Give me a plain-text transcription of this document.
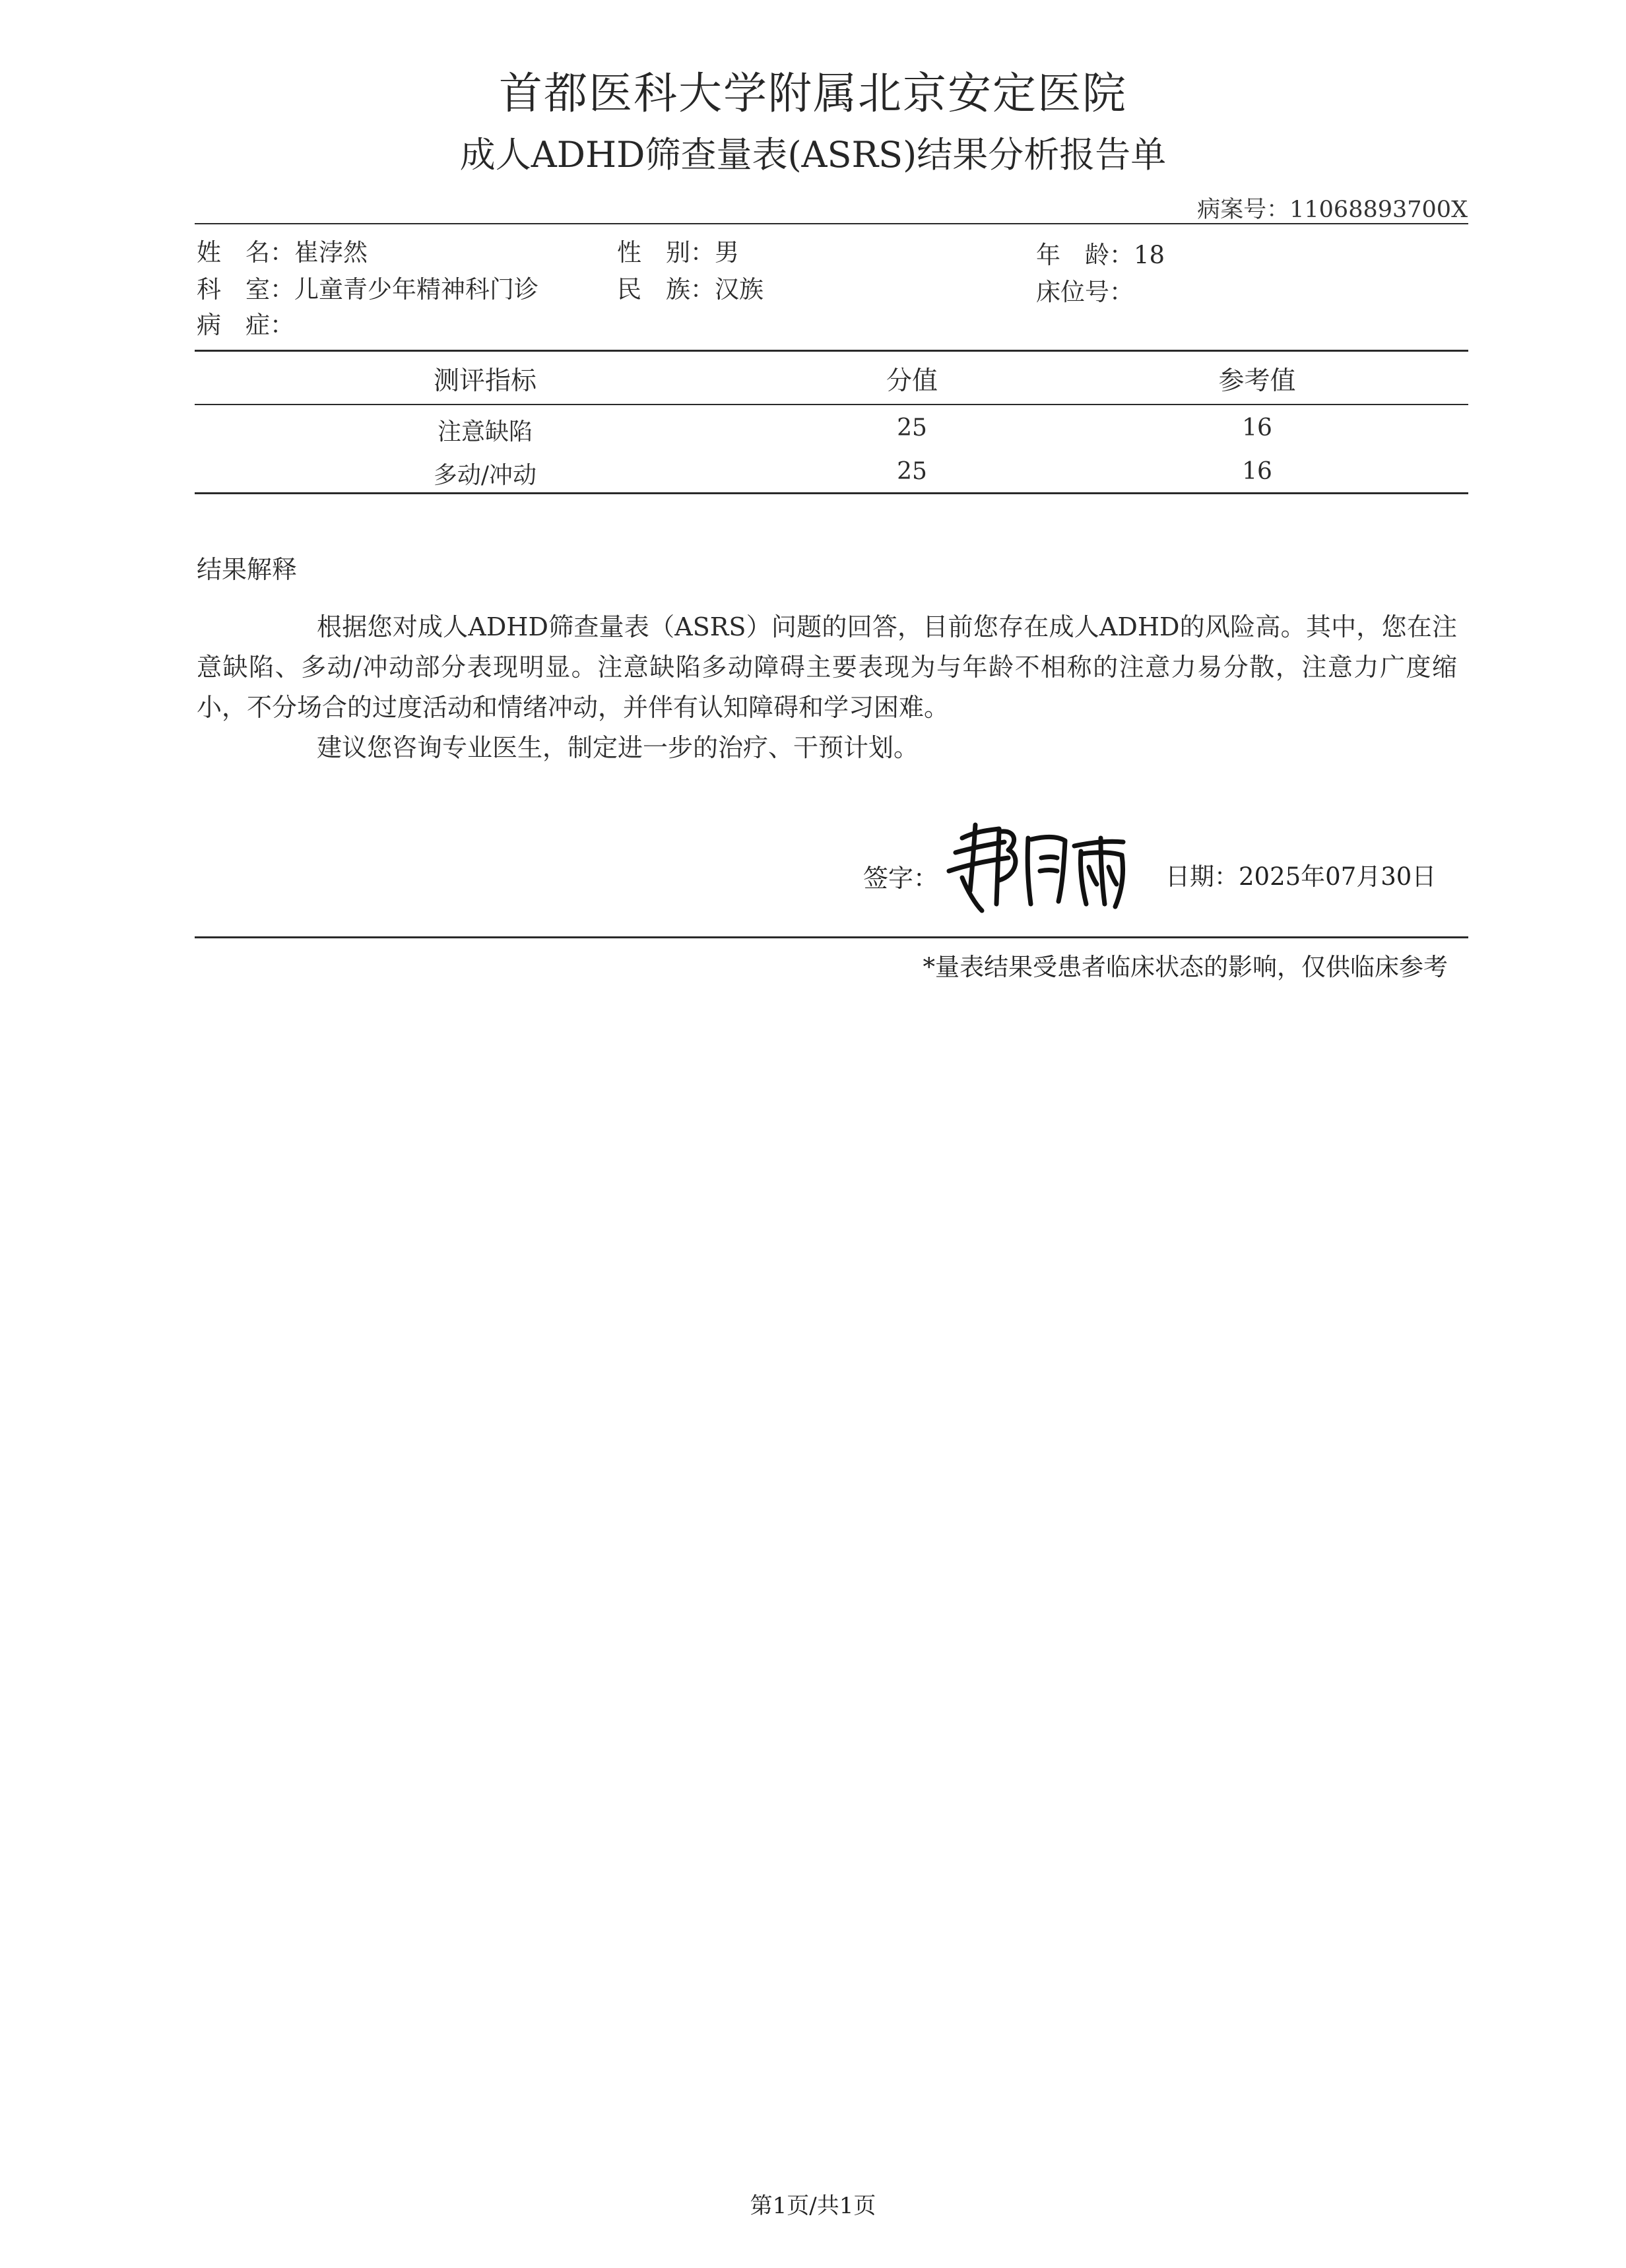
首都医科大学附属北京安定医院
成人ADHD筛查量表(ASRS)结果分析报告单
病案号：11068893700X
姓　名：崔浡然	性　别：男	年　龄：18
科　室：儿童青少年精神科门诊	民　族：汉族	床位号：
病　症：
测评指标	分值	参考值
注意缺陷	25	16
多动/冲动	25	16
结果解释

根据您对成人ADHD筛查量表（ASRS）问题的回答，目前您存在成人ADHD的风险高。其中，您在注意缺陷、多动/冲动部分表现明显。注意缺陷多动障碍主要表现为与年龄不相称的注意力易分散，注意力广度缩小，不分场合的过度活动和情绪冲动，并伴有认知障碍和学习困难。

建议您咨询专业医生，制定进一步的治疗、干预计划。

签字：	日期：2025年07月30日
*量表结果受患者临床状态的影响，仅供临床参考
第1页/共1页
